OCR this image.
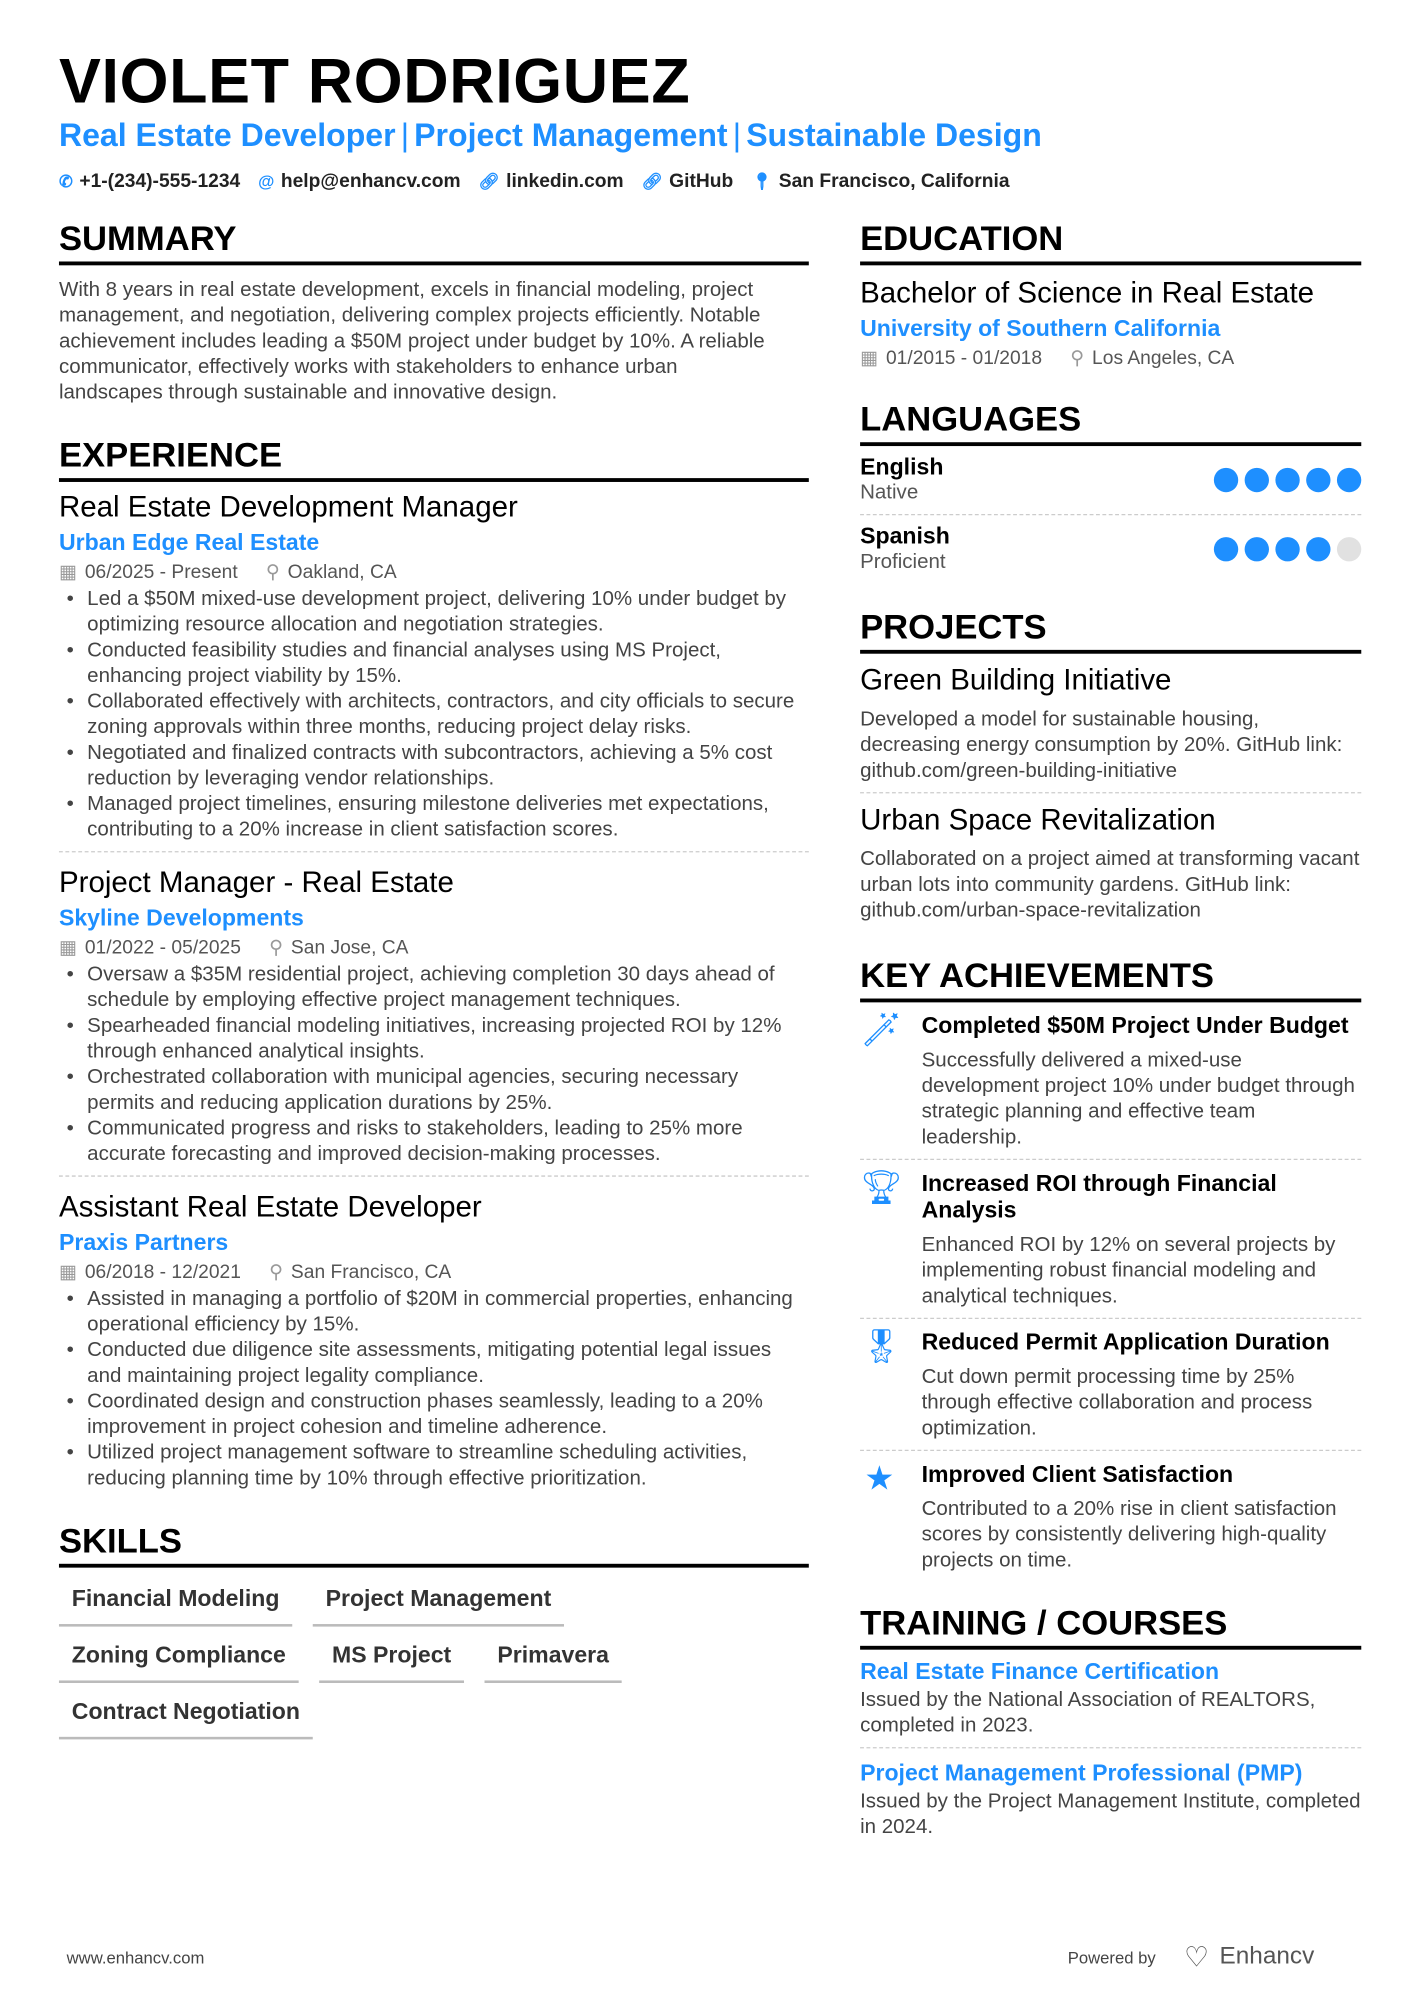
VIOLET RODRIGUEZ
Real Estate Developer | Project Management | Sustainable Design
✆ +1-(234)-555-1234 @ help@enhancv.com 🔗︎ linkedin.com 🔗︎ GitHub 📍︎ San Francisco, California
SUMMARY

With 8 years in real estate development, excels in financial modeling, project management, and negotiation, delivering complex projects efficiently. Notable achievement includes leading a $50M project under budget by 10%. A reliable communicator, effectively works with stakeholders to enhance urban landscapes through sustainable and innovative design.

EXPERIENCE
Real Estate Development Manager
Urban Edge Real Estate
▦ 06/2025 - Present ⚲ Oakland, CA
• Led a $50M mixed-use development project, delivering 10% under budget by optimizing resource allocation and negotiation strategies.
• Conducted feasibility studies and financial analyses using MS Project, enhancing project viability by 15%.
• Collaborated effectively with architects, contractors, and city officials to secure zoning approvals within three months, reducing project delay risks.
• Negotiated and finalized contracts with subcontractors, achieving a 5% cost reduction by leveraging vendor relationships.
• Managed project timelines, ensuring milestone deliveries met expectations, contributing to a 20% increase in client satisfaction scores.
Project Manager - Real Estate
Skyline Developments
▦ 01/2022 - 05/2025 ⚲ San Jose, CA
• Oversaw a $35M residential project, achieving completion 30 days ahead of schedule by employing effective project management techniques.
• Spearheaded financial modeling initiatives, increasing projected ROI by 12% through enhanced analytical insights.
• Orchestrated collaboration with municipal agencies, securing necessary permits and reducing application durations by 25%.
• Communicated progress and risks to stakeholders, leading to 25% more accurate forecasting and improved decision-making processes.
Assistant Real Estate Developer
Praxis Partners
▦ 06/2018 - 12/2021 ⚲ San Francisco, CA
• Assisted in managing a portfolio of $20M in commercial properties, enhancing operational efficiency by 15%.
• Conducted due diligence site assessments, mitigating potential legal issues and maintaining project legality compliance.
• Coordinated design and construction phases seamlessly, leading to a 20% improvement in project cohesion and timeline adherence.
• Utilized project management software to streamline scheduling activities, reducing planning time by 10% through effective prioritization.
SKILLS
Financial Modeling	Project Management
Zoning Compliance	MS Project	Primavera
Contract Negotiation
EDUCATION
Bachelor of Science in Real Estate
University of Southern California
▦ 01/2015 - 01/2018 ⚲ Los Angeles, CA
LANGUAGES
English
Native
Spanish
Proficient
PROJECTS
Green Building Initiative

Developed a model for sustainable housing, decreasing energy consumption by 20%. GitHub link: github.com/green-building-initiative

Urban Space Revitalization

Collaborated on a project aimed at transforming vacant urban lots into community gardens. GitHub link: github.com/urban-space-revitalization

KEY ACHIEVEMENTS
🪄︎ Completed $50M Project Under Budget

Successfully delivered a mixed-use development project 10% under budget through strategic planning and effective team leadership.

🏆︎ Increased ROI through Financial Analysis

Enhanced ROI by 12% on several projects by implementing robust financial modeling and analytical techniques.

🎖︎ Reduced Permit Application Duration

Cut down permit processing time by 25% through effective collaboration and process optimization.

★ Improved Client Satisfaction

Contributed to a 20% rise in client satisfaction scores by consistently delivering high-quality projects on time.

TRAINING / COURSES
Real Estate Finance Certification

Issued by the National Association of REALTORS, completed in 2023.

Project Management Professional (PMP)

Issued by the Project Management Institute, completed in 2024.

www.enhancv.com	Powered by ♡ Enhancv
